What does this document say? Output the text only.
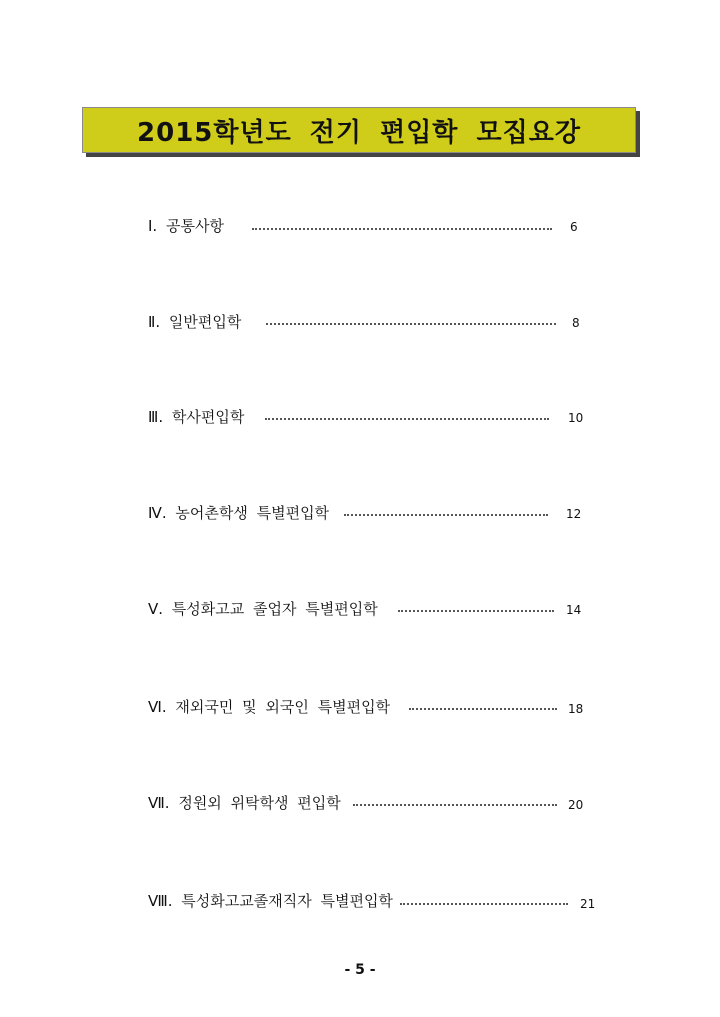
2015학년도 전기 편입학 모집요강
Ⅰ. 공통사항	6
Ⅱ. 일반편입학	8
Ⅲ. 학사편입학	10
Ⅳ. 농어촌학생 특별편입학	12
Ⅴ. 특성화고교 졸업자 특별편입학	14
Ⅵ. 재외국민 및 외국인 특별편입학	18
Ⅶ. 정원외 위탁학생 편입학	20
Ⅷ. 특성화고교졸재직자 특별편입학	21
- 5 -
